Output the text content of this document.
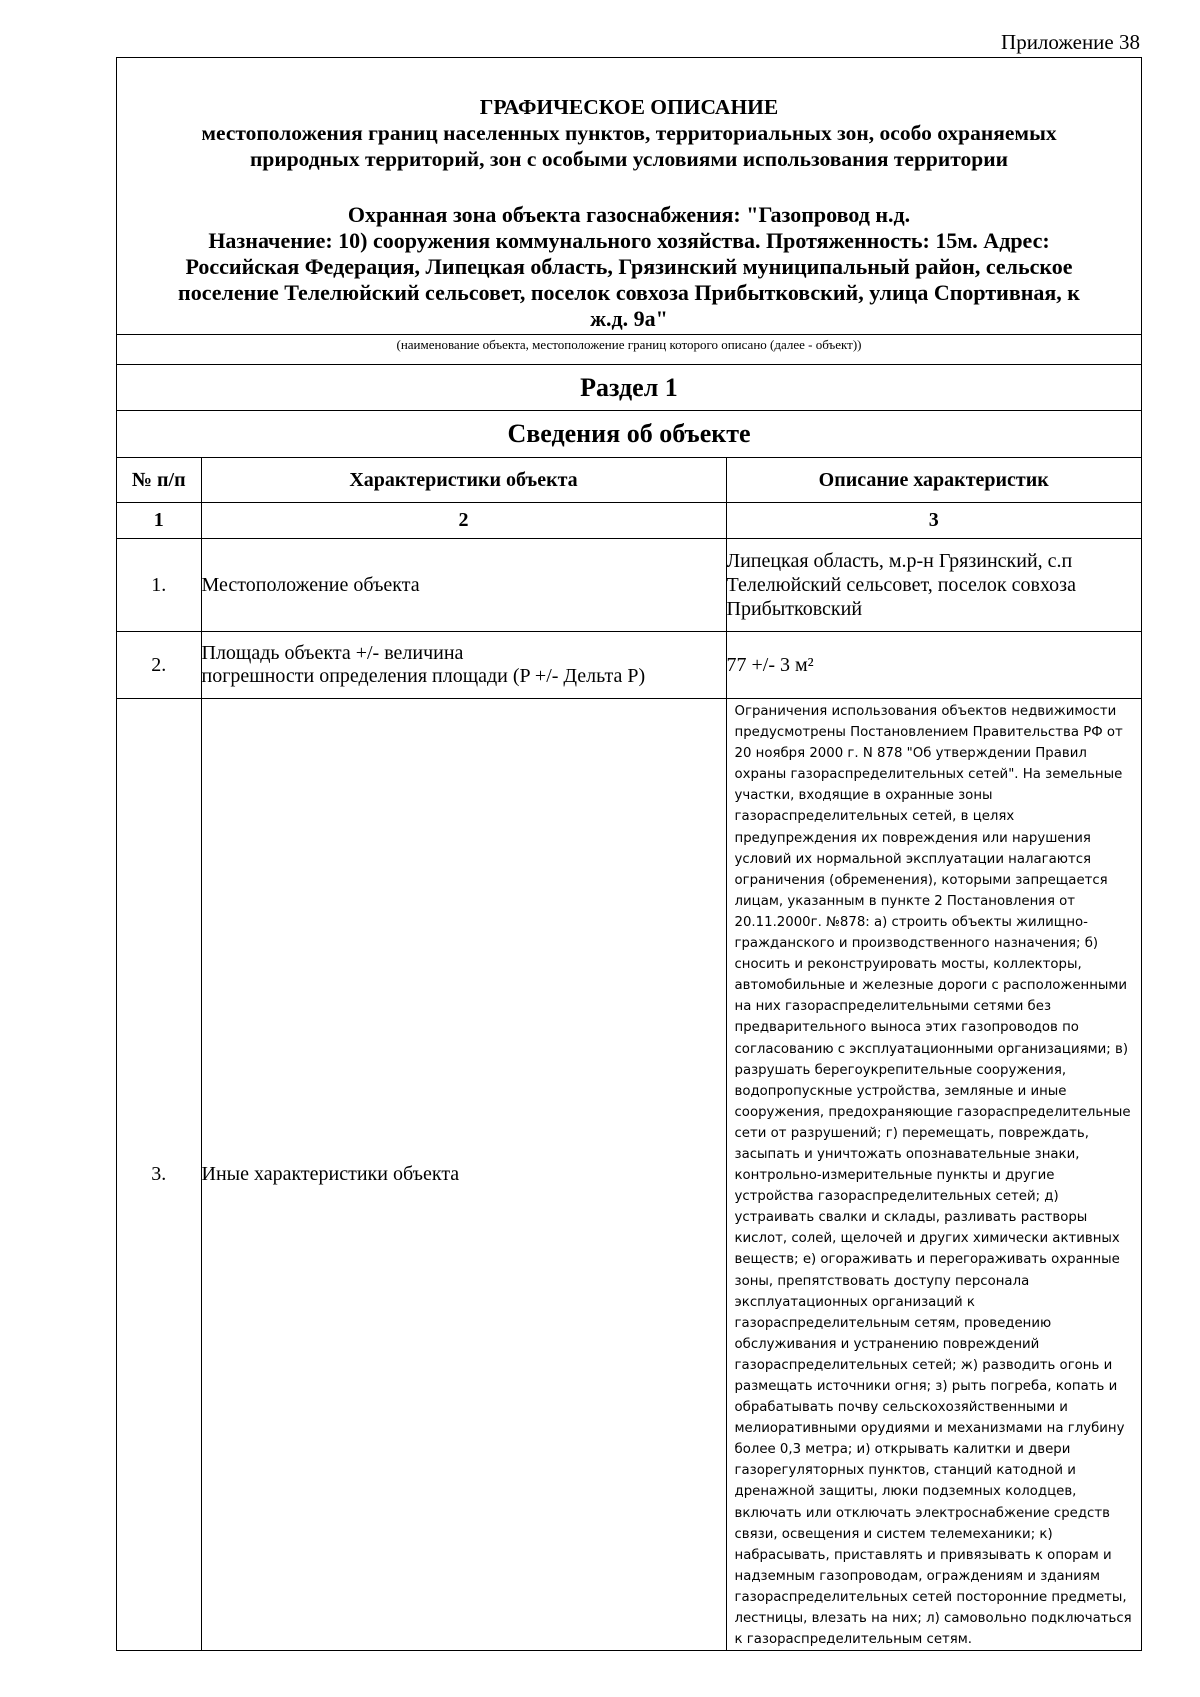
Приложение 38
ГРАФИЧЕСКОЕ ОПИСАНИЕ
местоположения границ населенных пунктов, территориальных зон, особо охраняемых
природных территорий, зон с особыми условиями использования территории
Охранная зона объекта газоснабжения: "Газопровод н.д.
Назначение: 10) сооружения коммунального хозяйства. Протяженность: 15м. Адрес:
Российская Федерация, Липецкая область, Грязинский муниципальный район, сельское
поселение Телелюйский сельсовет, поселок совхоза Прибытковский, улица Спортивная, к
ж.д. 9а"
(наименование объекта, местоположение границ которого описано (далее - объект))
Раздел 1
Сведения об объекте
№ п/п	Характеристики объекта	Описание характеристик
1	2	3
1.	Местоположение объекта	Липецкая область, м.р-н Грязинский, с.п Телелюйский сельсовет, поселок совхоза Прибытковский
2.	Площадь объекта +/- величина
погрешности определения площади (P +/- Дельта P)	77 +/- 3 м²
3.	Иные характеристики объекта	Ограничения использования объектов недвижимости предусмотрены Постановлением Правительства РФ от 20 ноября 2000 г. N 878 "Об утверждении Правил охраны газораспределительных сетей". На земельные участки, входящие в охранные зоны газораспределительных сетей, в целях предупреждения их повреждения или нарушения условий их нормальной эксплуатации налагаются ограничения (обременения), которыми запрещается лицам, указанным в пункте 2 Постановления от 20.11.2000г. №878: а) строить объекты жилищно-гражданского и производственного назначения; б) сносить и реконструировать мосты, коллекторы, автомобильные и железные дороги с расположенными на них газораспределительными сетями без предварительного выноса этих газопроводов по согласованию с эксплуатационными организациями; в) разрушать берегоукрепительные сооружения, водопропускные устройства, земляные и иные сооружения, предохраняющие газораспределительные сети от разрушений; г) перемещать, повреждать, засыпать и уничтожать опознавательные знаки, контрольно-измерительные пункты и другие устройства газораспределительных сетей; д) устраивать свалки и склады, разливать растворы кислот, солей, щелочей и других химически активных веществ; е) огораживать и перегораживать охранные зоны, препятствовать доступу персонала эксплуатационных организаций к газораспределительным сетям, проведению обслуживания и устранению повреждений газораспределительных сетей; ж) разводить огонь и размещать источники огня; з) рыть погреба, копать и обрабатывать почву сельскохозяйственными и мелиоративными орудиями и механизмами на глубину более 0,3 метра; и) открывать калитки и двери газорегуляторных пунктов, станций катодной и дренажной защиты, люки подземных колодцев, включать или отключать электроснабжение средств связи, освещения и систем телемеханики; к) набрасывать, приставлять и привязывать к опорам и надземным газопроводам, ограждениям и зданиям газораспределительных сетей посторонние предметы, лестницы, влезать на них; л) самовольно подключаться к газораспределительным сетям.
